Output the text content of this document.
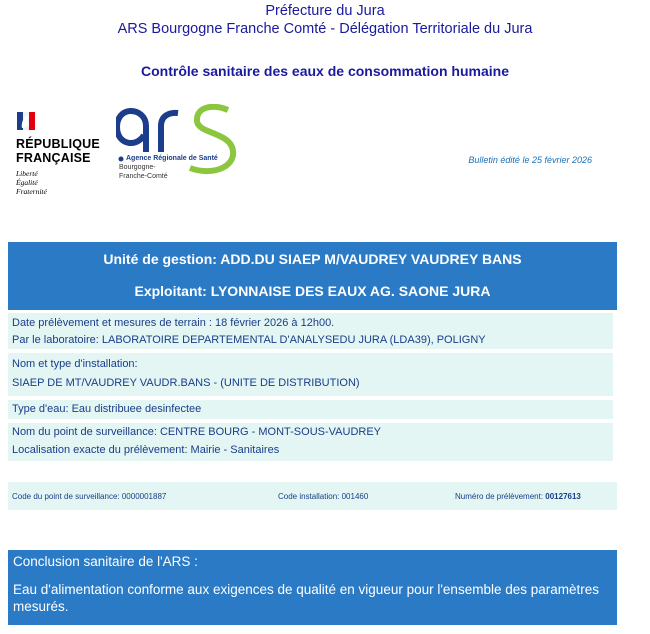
Préfecture du Jura
ARS Bourgogne Franche Comté - Délégation Territoriale du Jura
Contrôle sanitaire des eaux de consommation humaine
RÉPUBLIQUE
FRANÇAISE
Liberté
Égalité
Fraternité
Agence Régionale de Santé
Bourgogne-
Franche-Comté
Bulletin édité le 25 février 2026
Unité de gestion: ADD.DU SIAEP M/VAUDREY VAUDREY BANS
Exploitant: LYONNAISE DES EAUX AG. SAONE JURA
Date prélèvement et mesures de terrain : 18 février 2026 à 12h00.
Par le laboratoire: LABORATOIRE DEPARTEMENTAL D'ANALYSEDU JURA (LDA39), POLIGNY
Nom et type d'installation:
SIAEP DE MT/VAUDREY VAUDR.BANS - (UNITE DE DISTRIBUTION)
Type d'eau: Eau distribuee desinfectee
Nom du point de surveillance: CENTRE BOURG - MONT-SOUS-VAUDREY
Localisation exacte du prélèvement: Mairie - Sanitaires
Code du point de surveillance: 0000001887	Code installation: 001460	Numéro de prélèvement: 00127613
Conclusion sanitaire de l'ARS :
Eau d'alimentation conforme aux exigences de qualité en vigueur pour l'ensemble des paramètres mesurés.
